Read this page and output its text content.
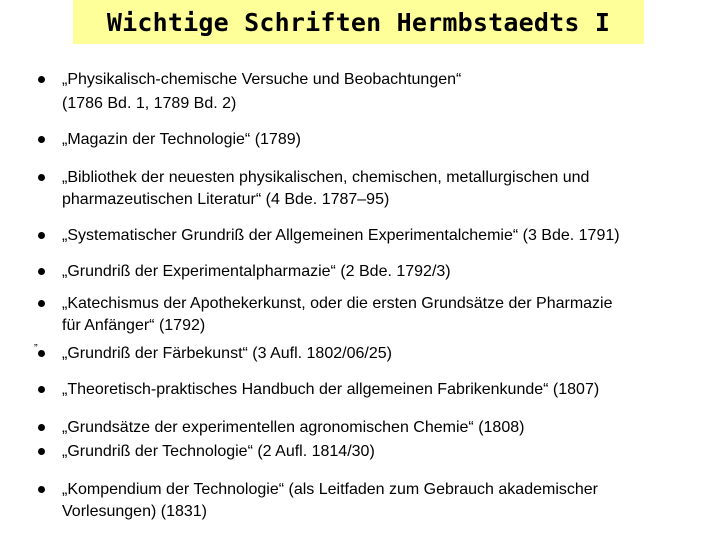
Wichtige Schriften Hermbstaedts I
„
„Physikalisch-chemische Versuche und Beobachtungen“
(1786 Bd. 1, 1789 Bd. 2)
„Magazin der Technologie“ (1789)
„Bibliothek der neuesten physikalischen, chemischen, metallurgischen und
pharmazeutischen Literatur“ (4 Bde. 1787–95)
„Systematischer Grundriß der Allgemeinen Experimentalchemie“ (3 Bde. 1791)
„Grundriß der Experimentalpharmazie“ (2 Bde. 1792/3)
„Katechismus der Apothekerkunst, oder die ersten Grundsätze der Pharmazie
für Anfänger“ (1792)
„Grundriß der Färbekunst“ (3 Aufl. 1802/06/25)
„Theoretisch-praktisches Handbuch der allgemeinen Fabrikenkunde“ (1807)
„Grundsätze der experimentellen agronomischen Chemie“ (1808)
„Grundriß der Technologie“ (2 Aufl. 1814/30)
„Kompendium der Technologie“ (als Leitfaden zum Gebrauch akademischer
Vorlesungen) (1831)
